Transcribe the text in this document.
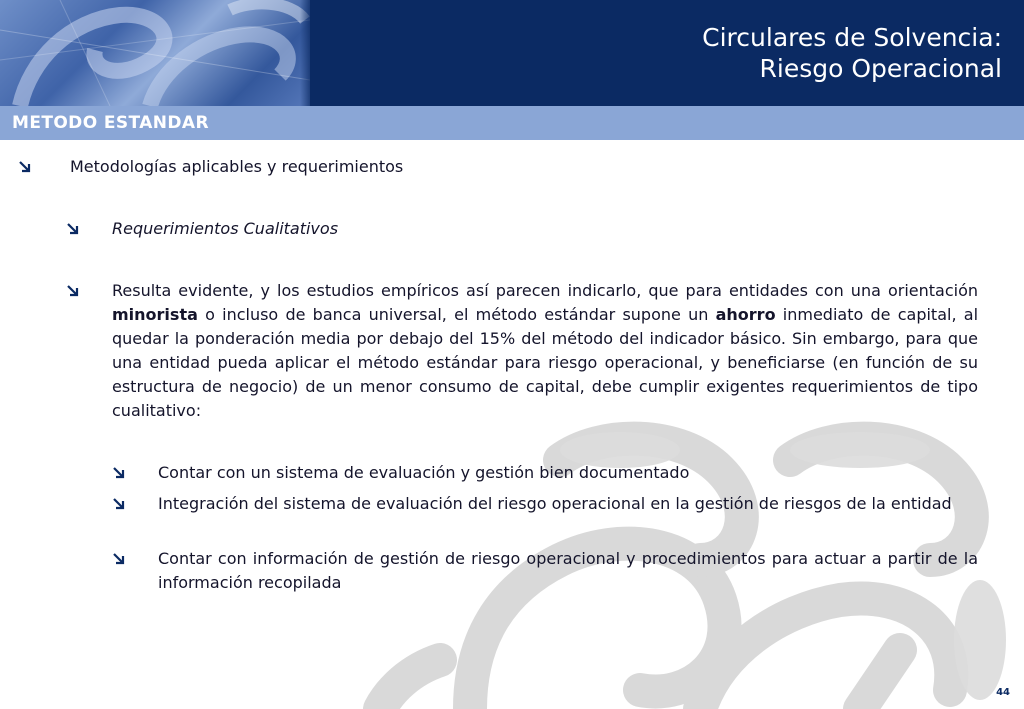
Circulares de Solvencia:
Riesgo Operacional
METODO ESTANDAR
Metodologías aplicables y requerimientos
Requerimientos Cualitativos
Resulta evidente, y los estudios empíricos así parecen indicarlo, que para entidades con una orientación minorista o incluso de banca universal, el método estándar supone un ahorro inmediato de capital, al quedar la ponderación media por debajo del 15% del método del indicador básico. Sin embargo, para que una entidad pueda aplicar el método estándar para riesgo operacional, y beneficiarse (en función de su estructura de negocio) de un menor consumo de capital, debe cumplir exigentes requerimientos de tipo cualitativo:
Contar con un sistema de evaluación y gestión bien documentado
Integración del sistema de evaluación del riesgo operacional en la gestión de riesgos de la entidad
Contar con información de gestión de riesgo operacional y procedimientos para actuar a partir de la información recopilada
44
